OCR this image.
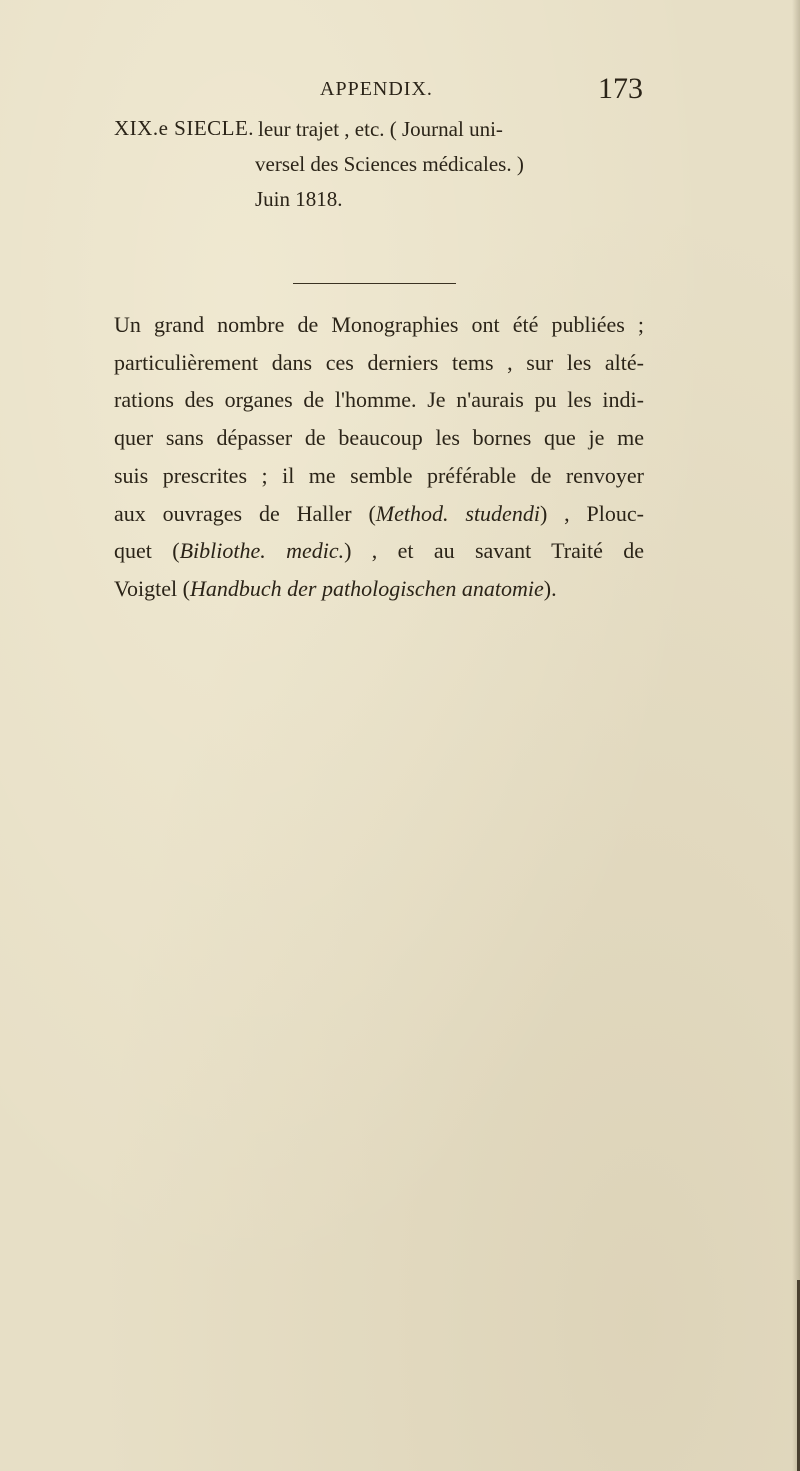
APPENDIX.	173
XIX.e SIECLE. leur trajet , etc. ( Journal uni-
versel des Sciences médicales. )
Juin 1818.
Un grand nombre de Monographies ont été publiées ;
particulièrement dans ces derniers tems , sur les alté-
rations des organes de l'homme. Je n'aurais pu les indi-
quer sans dépasser de beaucoup les bornes que je me
suis prescrites ; il me semble préférable de renvoyer
aux ouvrages de Haller (Method. studendi) , Plouc-
quet (Bibliothe. medic.) , et au savant Traité de
Voigtel (Handbuch der pathologischen anatomie).
